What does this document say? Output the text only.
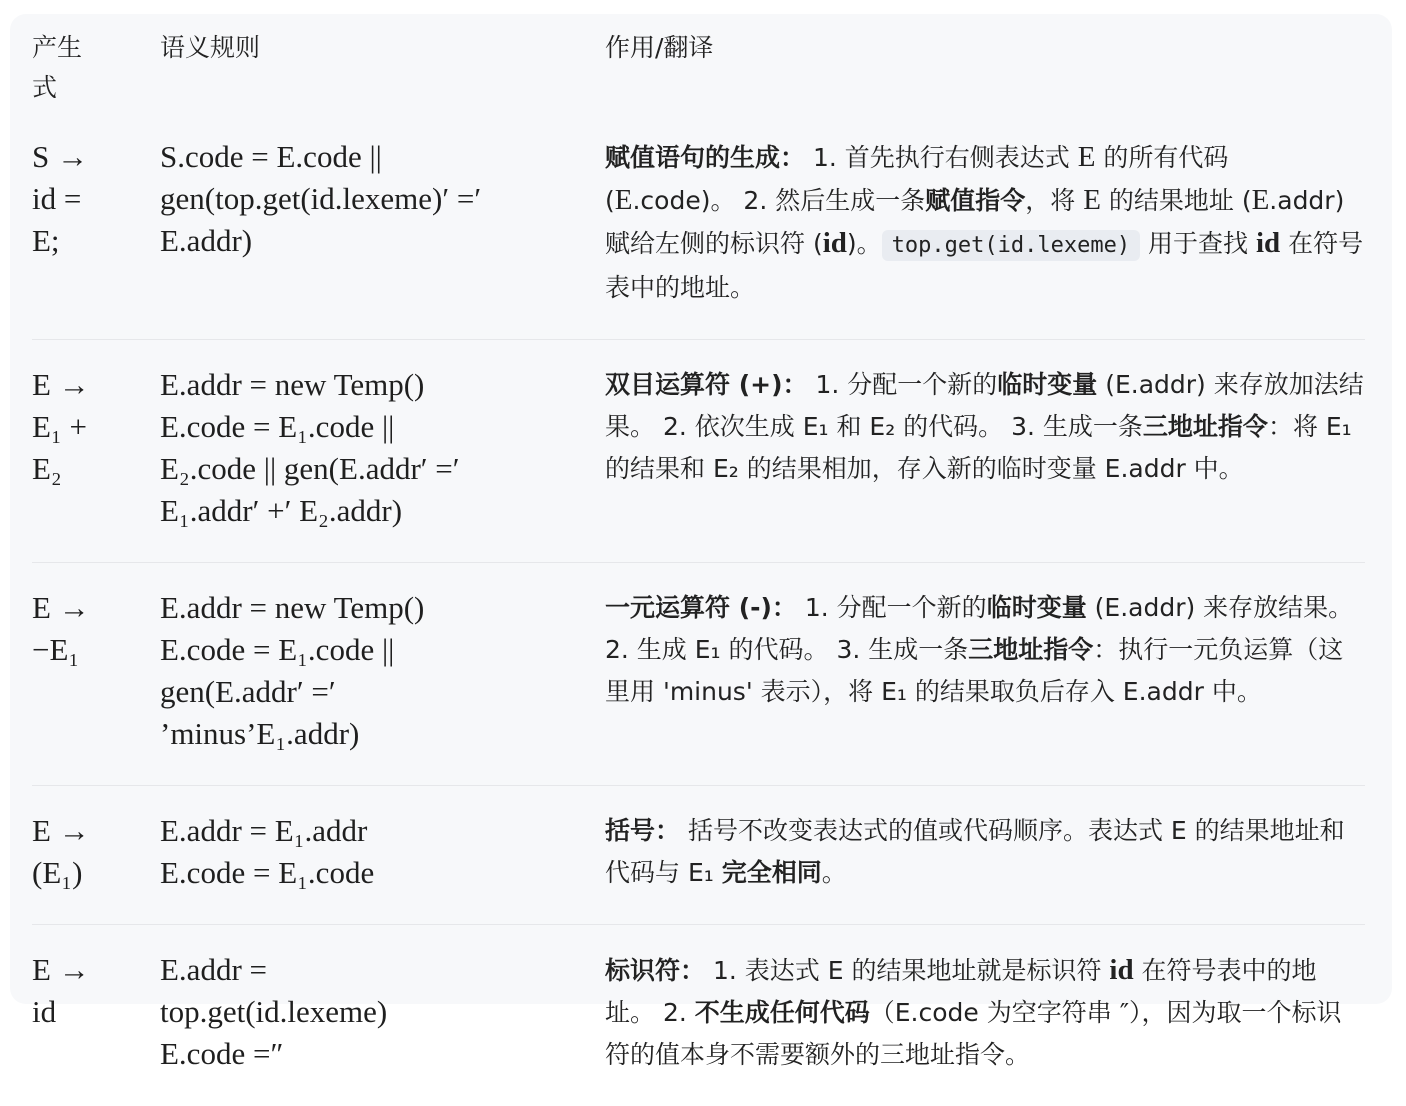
产生
式	语义规则	作用/翻译

S →
id =
E;	S.code = E.code ||
gen(top.get(id.lexeme)′ =′
E.addr)	赋值语句的生成： 1. 首先执行右侧表达式 E 的所有代码 (E.code)。 2. 然后生成一条赋值指令，将 E 的结果地址 (E.addr) 赋给左侧的标识符 (id)。 top.get(id.lexeme) 用于查找 id 在符号表中的地址。

E →
E₁ +
E₂	E.addr = new Temp()
E.code = E₁.code ||
E₂.code || gen(E.addr′ =′
E₁.addr′ +′ E₂.addr)	双目运算符 (+)： 1. 分配一个新的临时变量 (E.addr) 来存放加法结果。 2. 依次生成 E₁ 和 E₂ 的代码。 3. 生成一条三地址指令：将 E₁ 的结果和 E₂ 的结果相加，存入新的临时变量 E.addr 中。

E →
−E₁	E.addr = new Temp()
E.code = E₁.code ||
gen(E.addr′ =′
’minus’E₁.addr)	一元运算符 (-)： 1. 分配一个新的临时变量 (E.addr) 来存放结果。 2. 生成 E₁ 的代码。 3. 生成一条三地址指令：执行一元负运算（这里用 'minus' 表示），将 E₁ 的结果取负后存入 E.addr 中。

E →
(E₁)	E.addr = E₁.addr
E.code = E₁.code	括号： 括号不改变表达式的值或代码顺序。表达式 E 的结果地址和代码与 E₁ 完全相同。

E →
id	E.addr =
top.get(id.lexeme)
E.code =″	标识符： 1. 表达式 E 的结果地址就是标识符 id 在符号表中的地址。 2. 不生成任何代码（E.code 为空字符串 ″），因为取一个标识符的值本身不需要额外的三地址指令。
